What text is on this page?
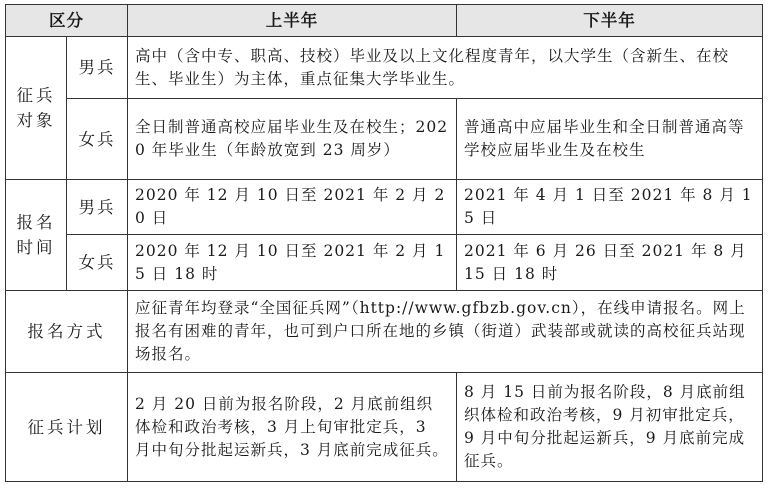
区分		上半年	下半年
征兵
对象	男兵	高中（含中专、职高、技校）毕业及以上文化程度青年，以大学生（含新生、在校生、毕业生）为主体，重点征集大学毕业生。	
	女兵	全日制普通高校应届毕业生及在校生；2020 年毕业生（年龄放宽到 23 周岁）	普通高中应届毕业生和全日制普通高等学校应届毕业生及在校生
报名
时间	男兵	2020 年 12 月 10 日至 2021 年 2 月 20 日	2021 年 4 月 1 日至 2021 年 8 月 15 日
	女兵	2020 年 12 月 10 日至 2021 年 2 月 15 日 18 时	2021 年 6 月 26 日至 2021 年 8 月 15 日 18 时
报名方式		应征青年均登录“全国征兵网”（http://www.gfbzb.gov.cn），在线申请报名。网上报名有困难的青年，也可到户口所在地的乡镇（街道）武装部或就读的高校征兵站现场报名。	
征兵计划		2 月 20 日前为报名阶段，2 月底前组织体检和政治考核，3 月上旬审批定兵，3 月中旬分批起运新兵，3 月底前完成征兵。	8 月 15 日前为报名阶段，8 月底前组织体检和政治考核，9 月初审批定兵，9 月中旬分批起运新兵，9 月底前完成征兵。
